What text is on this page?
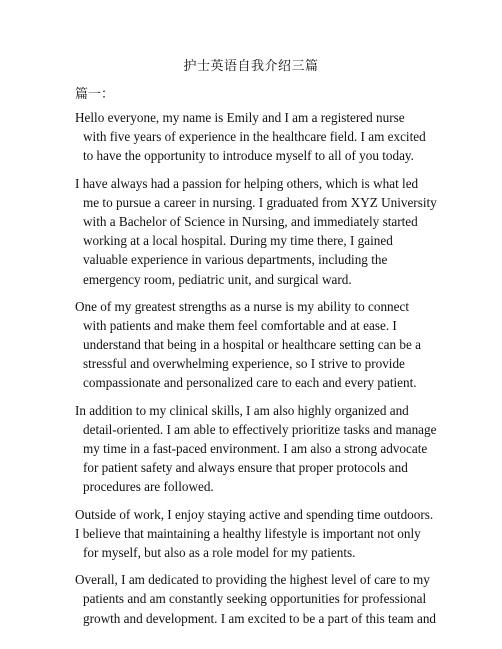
护士英语自我介绍三篇
篇一：
Hello everyone, my name is Emily and I am a registered nurse
with five years of experience in the healthcare field. I am excited
to have the opportunity to introduce myself to all of you today.
I have always had a passion for helping others, which is what led
me to pursue a career in nursing. I graduated from XYZ University
with a Bachelor of Science in Nursing, and immediately started
working at a local hospital. During my time there, I gained
valuable experience in various departments, including the
emergency room, pediatric unit, and surgical ward.
One of my greatest strengths as a nurse is my ability to connect
with patients and make them feel comfortable and at ease. I
understand that being in a hospital or healthcare setting can be a
stressful and overwhelming experience, so I strive to provide
compassionate and personalized care to each and every patient.
In addition to my clinical skills, I am also highly organized and
detail-oriented. I am able to effectively prioritize tasks and manage
my time in a fast-paced environment. I am also a strong advocate
for patient safety and always ensure that proper protocols and
procedures are followed.
Outside of work, I enjoy staying active and spending time outdoors.
I believe that maintaining a healthy lifestyle is important not only
for myself, but also as a role model for my patients.
Overall, I am dedicated to providing the highest level of care to my
patients and am constantly seeking opportunities for professional
growth and development. I am excited to be a part of this team and
